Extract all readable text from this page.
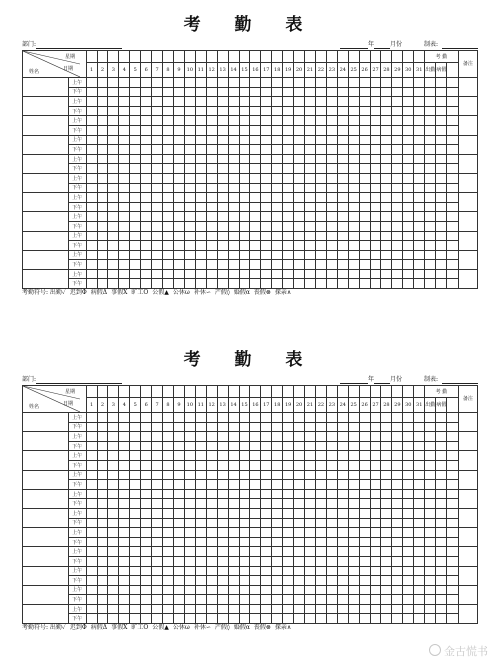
考 勤 表
部门:	年	月份	制表:
星期
日期
姓名																																	考 勤			备注
		1	2	3	4	5	6	7	8	9	10	11	12	13	14	15	16	17	18	19	20	21	22	23	24	25	26	27	28	29	30	31	出勤	病假		
	上午																																			
	下午																																			
	上午																																			
	下午																																			
	上午																																			
	下午																																			
	上午																																			
	下午																																			
	上午																																			
	下午																																			
	上午																																			
	下午																																			
	上午																																			
	下午																																			
	上午																																			
	下午																																			
	上午																																			
	下午																																			
	上午																																			
	下午																																			
	上午																																			
	下午																																			
考勤符号: 出勤✓ 迟到Φ 病假Δ 事假X 旷工O 公假▲ 公休ω 补休∽ 产假◊ 婚假α 丧假⊗ 探亲∧
考 勤 表
部门:	年	月份	制表:
星期
日期
姓名																																	考 勤			备注
		1	2	3	4	5	6	7	8	9	10	11	12	13	14	15	16	17	18	19	20	21	22	23	24	25	26	27	28	29	30	31	出勤	病假		
	上午																																			
	下午																																			
	上午																																			
	下午																																			
	上午																																			
	下午																																			
	上午																																			
	下午																																			
	上午																																			
	下午																																			
	上午																																			
	下午																																			
	上午																																			
	下午																																			
	上午																																			
	下午																																			
	上午																																			
	下午																																			
	上午																																			
	下午																																			
	上午																																			
	下午																																			
考勤符号: 出勤✓ 迟到Φ 病假Δ 事假X 旷工O 公假▲ 公休ω 补休∽ 产假◊ 婚假α 丧假⊗ 探亲∧
金古慌书
